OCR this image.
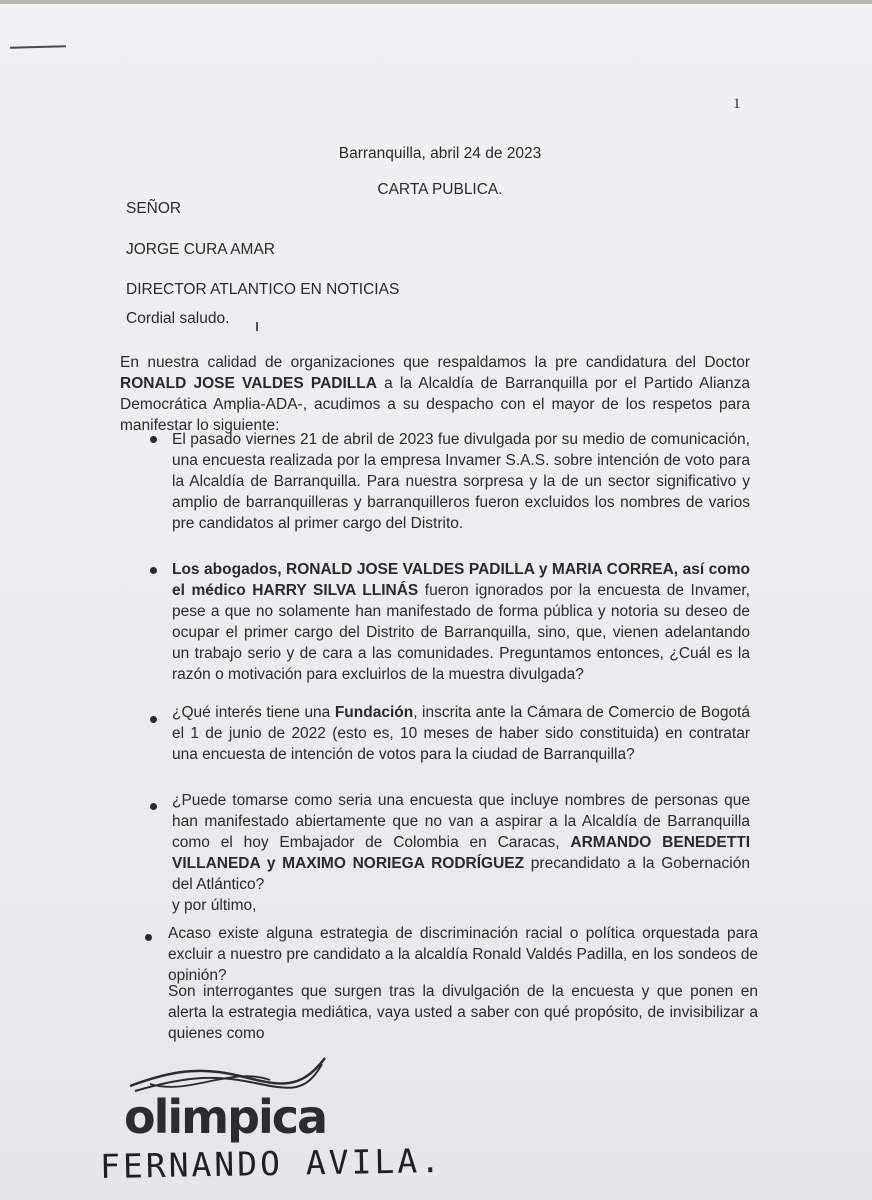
1
Barranquilla, abril 24 de 2023
CARTA PUBLICA.
SEÑOR
JORGE CURA AMAR
DIRECTOR ATLANTICO EN NOTICIAS
Cordial saludo.
En nuestra calidad de organizaciones que respaldamos la pre candidatura del Doctor RONALD JOSE VALDES PADILLA a la Alcaldía de Barranquilla por el Partido Alianza Democrática Amplia-ADA-, acudimos a su despacho con el mayor de los respetos para manifestar lo siguiente:
El pasado viernes 21 de abril de 2023 fue divulgada por su medio de comunicación, una encuesta realizada por la empresa Invamer S.A.S. sobre intención de voto para la Alcaldía de Barranquilla. Para nuestra sorpresa y la de un sector significativo y amplio de barranquilleras y barranquilleros fueron excluidos los nombres de varios pre candidatos al primer cargo del Distrito.
Los abogados, RONALD JOSE VALDES PADILLA y MARIA CORREA, así como el médico HARRY SILVA LLINÁS fueron ignorados por la encuesta de Invamer, pese a que no solamente han manifestado de forma pública y notoria su deseo de ocupar el primer cargo del Distrito de Barranquilla, sino, que, vienen adelantando un trabajo serio y de cara a las comunidades. Preguntamos entonces, ¿Cuál es la razón o motivación para excluirlos de la muestra divulgada?
¿Qué interés tiene una Fundación, inscrita ante la Cámara de Comercio de Bogotá el 1 de junio de 2022 (esto es, 10 meses de haber sido constituida) en contratar una encuesta de intención de votos para la ciudad de Barranquilla?
¿Puede tomarse como seria una encuesta que incluye nombres de personas que han manifestado abiertamente que no van a aspirar a la Alcaldía de Barranquilla como el hoy Embajador de Colombia en Caracas, ARMANDO BENEDETTI VILLANEDA y MAXIMO NORIEGA RODRÍGUEZ precandidato a la Gobernación del Atlántico?
y por último,
Acaso existe alguna estrategia de discriminación racial o política orquestada para excluir a nuestro pre candidato a la alcaldía Ronald Valdés Padilla, en los sondeos de opinión?
Son interrogantes que surgen tras la divulgación de la encuesta y que ponen en alerta la estrategia mediática, vaya usted a saber con qué propósito, de invisibilizar a quienes como
olimpica
FERNANDO AVILA.
